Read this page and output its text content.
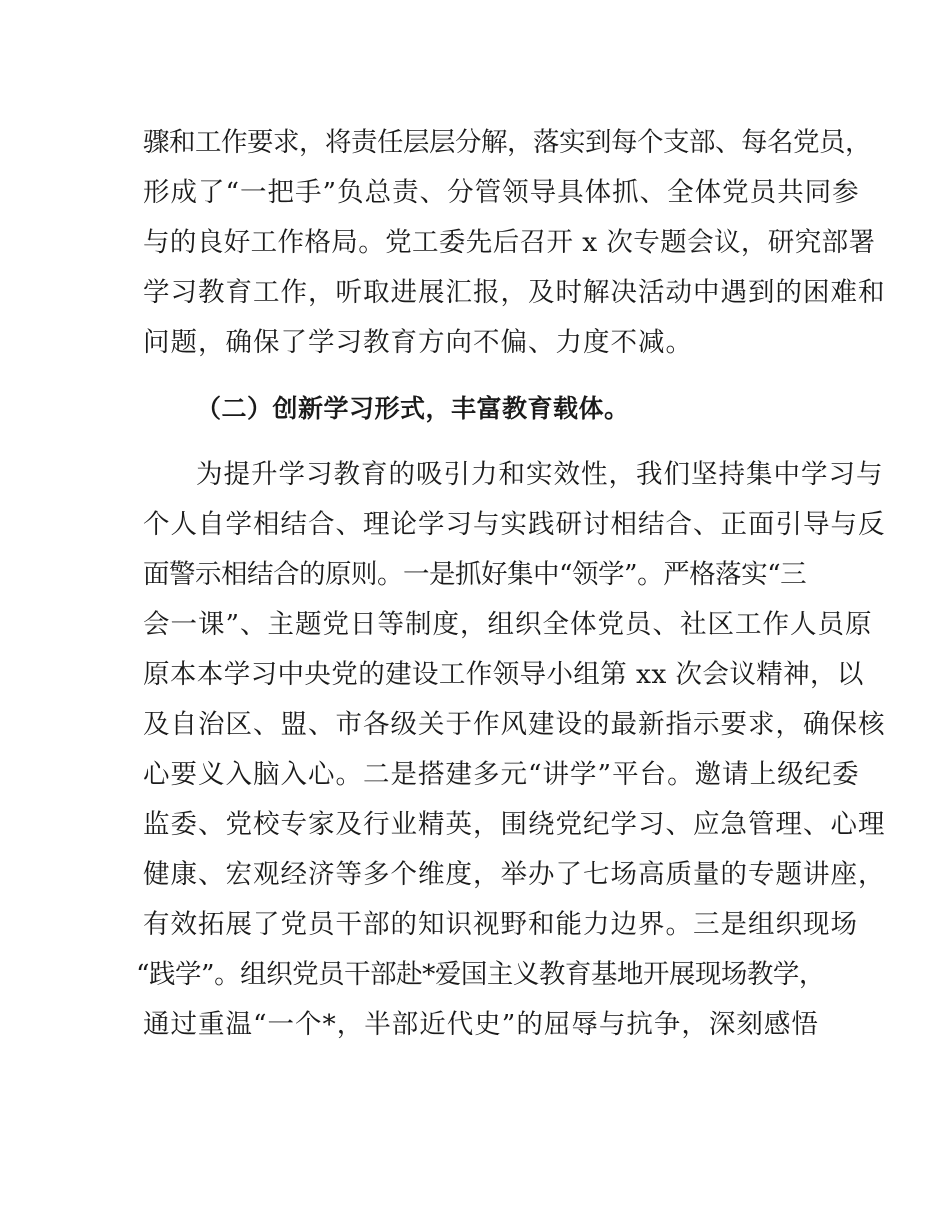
骤和工作要求，将责任层层分解，落实到每个支部、每名党员，
形成了“一把手”负总责、分管领导具体抓、全体党员共同参
与的良好工作格局。党工委先后召开 x 次专题会议，研究部署
学习教育工作，听取进展汇报，及时解决活动中遇到的困难和
问题，确保了学习教育方向不偏、力度不减。
（二）创新学习形式，丰富教育载体。
为提升学习教育的吸引力和实效性，我们坚持集中学习与
个人自学相结合、理论学习与实践研讨相结合、正面引导与反
面警示相结合的原则。一是抓好集中“领学”。严格落实“三
会一课”、主题党日等制度，组织全体党员、社区工作人员原
原本本学习中央党的建设工作领导小组第 xx 次会议精神，以
及自治区、盟、市各级关于作风建设的最新指示要求，确保核
心要义入脑入心。二是搭建多元“讲学”平台。邀请上级纪委
监委、党校专家及行业精英，围绕党纪学习、应急管理、心理
健康、宏观经济等多个维度，举办了七场高质量的专题讲座，
有效拓展了党员干部的知识视野和能力边界。三是组织现场
“践学”。组织党员干部赴*爱国主义教育基地开展现场教学，
通过重温“一个*，半部近代史”的屈辱与抗争，深刻感悟
